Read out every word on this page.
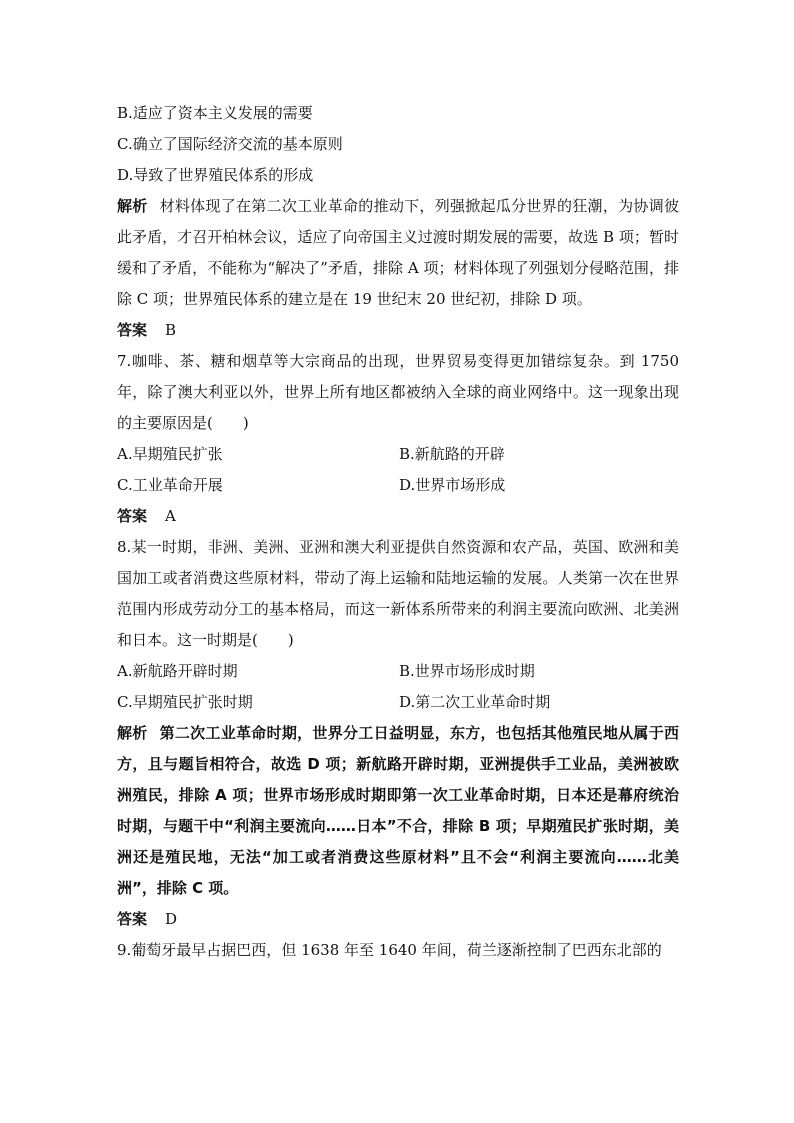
B.适应了资本主义发展的需要
C.确立了国际经济交流的基本原则
D.导致了世界殖民体系的形成
解析 材料体现了在第二次工业革命的推动下，列强掀起瓜分世界的狂潮，为协调彼此矛盾，才召开柏林会议，适应了向帝国主义过渡时期发展的需要，故选 B 项；暂时缓和了矛盾，不能称为“解决了”矛盾，排除 A 项；材料体现了列强划分侵略范围，排除 C 项；世界殖民体系的建立是在 19 世纪末 20 世纪初，排除 D 项。
答案 B
7.咖啡、茶、糖和烟草等大宗商品的出现，世界贸易变得更加错综复杂。到 1750 年，除了澳大利亚以外，世界上所有地区都被纳入全球的商业网络中。这一现象出现的主要原因是(　　)
A.早期殖民扩张	B.新航路的开辟
C.工业革命开展	D.世界市场形成
答案 A
8.某一时期，非洲、美洲、亚洲和澳大利亚提供自然资源和农产品，英国、欧洲和美国加工或者消费这些原材料，带动了海上运输和陆地运输的发展。人类第一次在世界范围内形成劳动分工的基本格局，而这一新体系所带来的利润主要流向欧洲、北美洲和日本。这一时期是(　　)
A.新航路开辟时期	B.世界市场形成时期
C.早期殖民扩张时期	D.第二次工业革命时期
解析 第二次工业革命时期，世界分工日益明显，东方，也包括其他殖民地从属于西方，且与题旨相符合，故选 D 项；新航路开辟时期，亚洲提供手工业品，美洲被欧洲殖民，排除 A 项；世界市场形成时期即第一次工业革命时期，日本还是幕府统治时期，与题干中“利润主要流向……日本”不合，排除 B 项；早期殖民扩张时期，美洲还是殖民地，无法“加工或者消费这些原材料”且不会“利润主要流向……北美洲”，排除 C 项。
答案 D
9.葡萄牙最早占据巴西，但 1638 年至 1640 年间，荷兰逐渐控制了巴西东北部的
